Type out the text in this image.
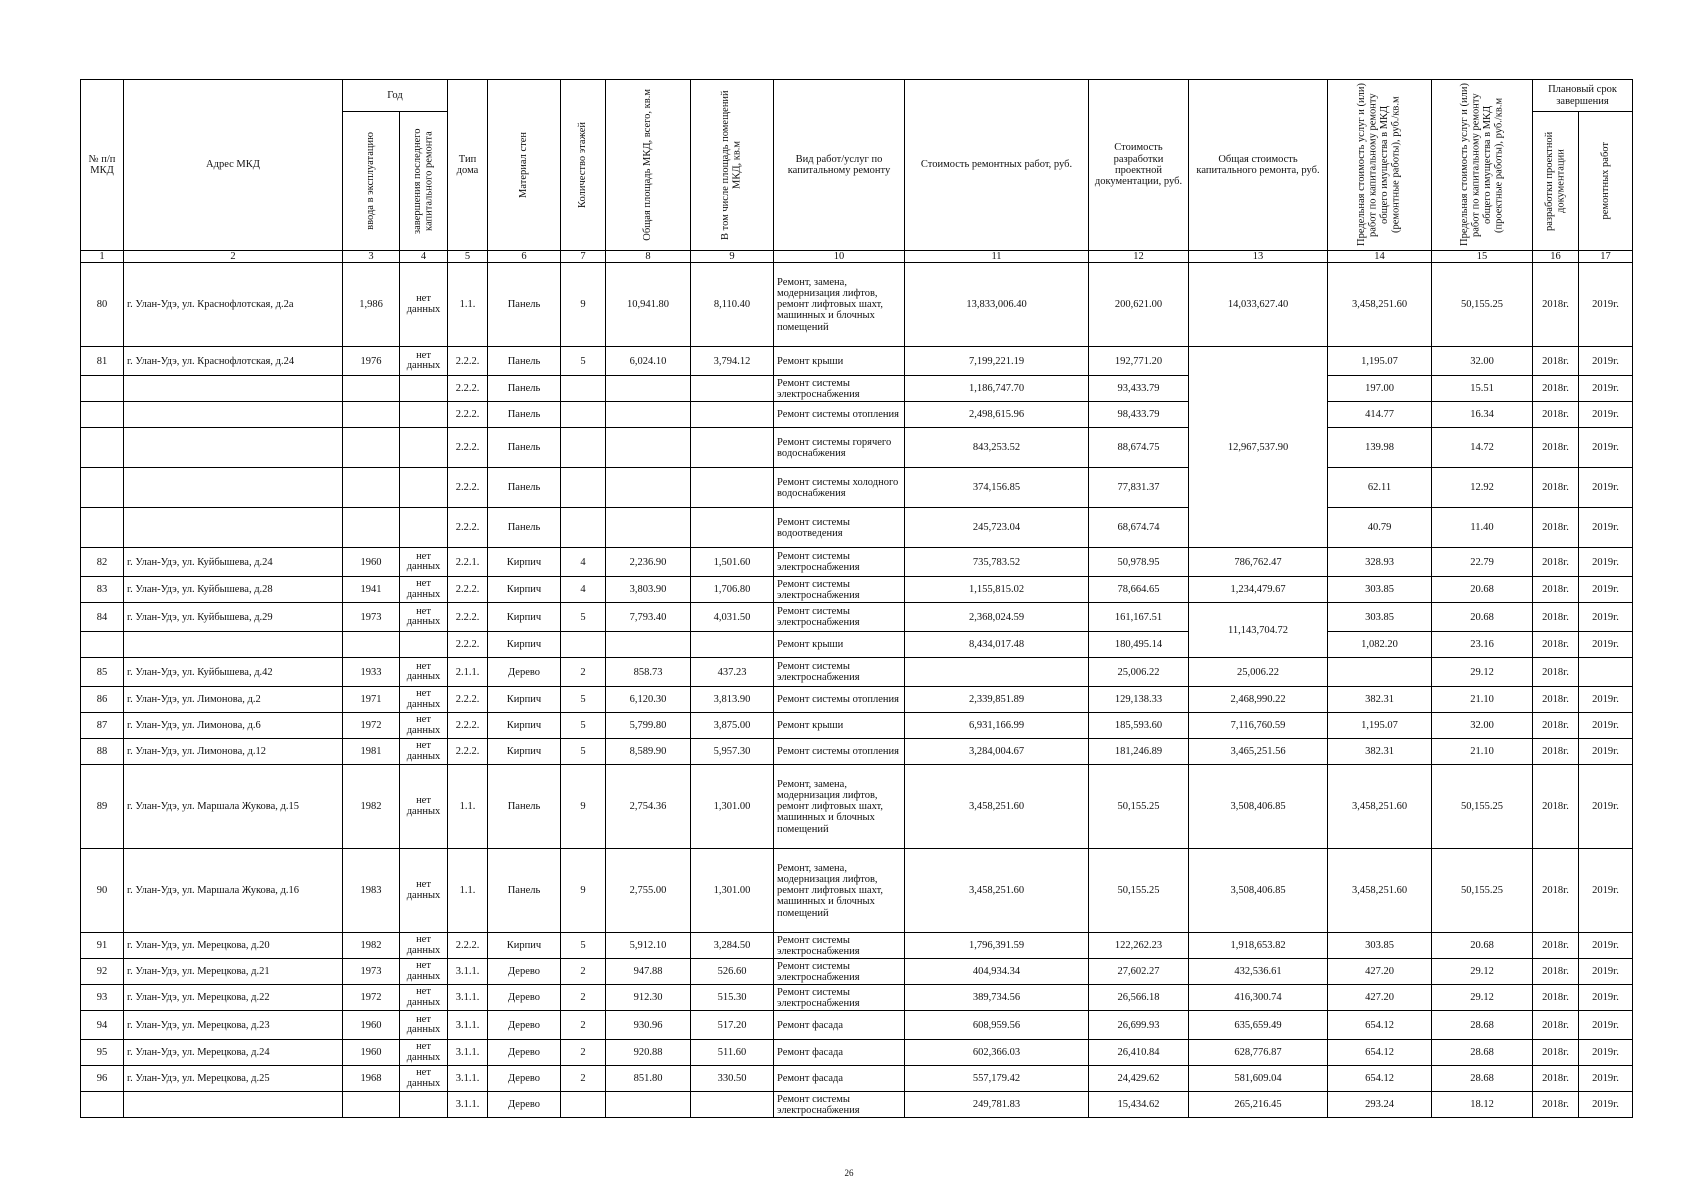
№ п/п МКД	Адрес МКД	Год		Тип дома	Материал стен	Количество этажей	Общая площадь МКД, всего, кв.м	В том числе площадь помещений МКД, кв.м	Вид работ/услуг по капитальному ремонту	Стоимость ремонтных работ, руб.	Стоимость разработки проектной документации, руб.	Общая стоимость капитального ремонта, руб.	Предельная стоимость услуг и (или) работ по капитальному ремонту общего имущества в МКД (ремонтные работы), руб./кв.м	Предельная стоимость услуг и (или) работ по капитальному ремонту общего имущества в МКД (проектные работы), руб./кв.м	Плановый срок завершения	

		ввода в эксплуатацию	завершения последнего капитального ремонта												разработки проектной документации	ремонтных работ

1	2	3	4	5	6	7	8	9	10	11	12	13	14	15	16	17
80	г. Улан-Удэ, ул. Краснофлотская, д.2а	1,986	нет данных	1.1.	Панель	9	10,941.80	8,110.40	Ремонт, замена, модернизация лифтов, ремонт лифтовых шахт, машинных и блочных помещений	13,833,006.40	200,621.00	14,033,627.40	3,458,251.60	50,155.25	2018г.	2019г.
81	г. Улан-Удэ, ул. Краснофлотская, д.24	1976	нет данных	2.2.2.	Панель	5	6,024.10	3,794.12	Ремонт крыши	7,199,221.19	192,771.20	12,967,537.90	1,195.07	32.00	2018г.	2019г.
				2.2.2.	Панель				Ремонт системы электроснабжения	1,186,747.70	93,433.79		197.00	15.51	2018г.	2019г.
				2.2.2.	Панель				Ремонт системы отопления	2,498,615.96	98,433.79		414.77	16.34	2018г.	2019г.
				2.2.2.	Панель				Ремонт системы горячего водоснабжения	843,253.52	88,674.75		139.98	14.72	2018г.	2019г.
				2.2.2.	Панель				Ремонт системы холодного водоснабжения	374,156.85	77,831.37		62.11	12.92	2018г.	2019г.
				2.2.2.	Панель				Ремонт системы водоотведения	245,723.04	68,674.74		40.79	11.40	2018г.	2019г.
82	г. Улан-Удэ, ул. Куйбышева, д.24	1960	нет данных	2.2.1.	Кирпич	4	2,236.90	1,501.60	Ремонт системы электроснабжения	735,783.52	50,978.95	786,762.47	328.93	22.79	2018г.	2019г.
83	г. Улан-Удэ, ул. Куйбышева, д.28	1941	нет данных	2.2.2.	Кирпич	4	3,803.90	1,706.80	Ремонт системы электроснабжения	1,155,815.02	78,664.65	1,234,479.67	303.85	20.68	2018г.	2019г.
84	г. Улан-Удэ, ул. Куйбышева, д.29	1973	нет данных	2.2.2.	Кирпич	5	7,793.40	4,031.50	Ремонт системы электроснабжения	2,368,024.59	161,167.51	11,143,704.72	303.85	20.68	2018г.	2019г.
				2.2.2.	Кирпич				Ремонт крыши	8,434,017.48	180,495.14		1,082.20	23.16	2018г.	2019г.
85	г. Улан-Удэ, ул. Куйбышева, д.42	1933	нет данных	2.1.1.	Дерево	2	858.73	437.23	Ремонт системы электроснабжения		25,006.22	25,006.22		29.12	2018г.	
86	г. Улан-Удэ, ул. Лимонова, д.2	1971	нет данных	2.2.2.	Кирпич	5	6,120.30	3,813.90	Ремонт системы отопления	2,339,851.89	129,138.33	2,468,990.22	382.31	21.10	2018г.	2019г.
87	г. Улан-Удэ, ул. Лимонова, д.6	1972	нет данных	2.2.2.	Кирпич	5	5,799.80	3,875.00	Ремонт крыши	6,931,166.99	185,593.60	7,116,760.59	1,195.07	32.00	2018г.	2019г.
88	г. Улан-Удэ, ул. Лимонова, д.12	1981	нет данных	2.2.2.	Кирпич	5	8,589.90	5,957.30	Ремонт системы отопления	3,284,004.67	181,246.89	3,465,251.56	382.31	21.10	2018г.	2019г.
89	г. Улан-Удэ, ул. Маршала Жукова, д.15	1982	нет данных	1.1.	Панель	9	2,754.36	1,301.00	Ремонт, замена, модернизация лифтов, ремонт лифтовых шахт, машинных и блочных помещений	3,458,251.60	50,155.25	3,508,406.85	3,458,251.60	50,155.25	2018г.	2019г.
90	г. Улан-Удэ, ул. Маршала Жукова, д.16	1983	нет данных	1.1.	Панель	9	2,755.00	1,301.00	Ремонт, замена, модернизация лифтов, ремонт лифтовых шахт, машинных и блочных помещений	3,458,251.60	50,155.25	3,508,406.85	3,458,251.60	50,155.25	2018г.	2019г.
91	г. Улан-Удэ, ул. Мерецкова, д.20	1982	нет данных	2.2.2.	Кирпич	5	5,912.10	3,284.50	Ремонт системы электроснабжения	1,796,391.59	122,262.23	1,918,653.82	303.85	20.68	2018г.	2019г.
92	г. Улан-Удэ, ул. Мерецкова, д.21	1973	нет данных	3.1.1.	Дерево	2	947.88	526.60	Ремонт системы электроснабжения	404,934.34	27,602.27	432,536.61	427.20	29.12	2018г.	2019г.
93	г. Улан-Удэ, ул. Мерецкова, д.22	1972	нет данных	3.1.1.	Дерево	2	912.30	515.30	Ремонт системы электроснабжения	389,734.56	26,566.18	416,300.74	427.20	29.12	2018г.	2019г.
94	г. Улан-Удэ, ул. Мерецкова, д.23	1960	нет данных	3.1.1.	Дерево	2	930.96	517.20	Ремонт фасада	608,959.56	26,699.93	635,659.49	654.12	28.68	2018г.	2019г.
95	г. Улан-Удэ, ул. Мерецкова, д.24	1960	нет данных	3.1.1.	Дерево	2	920.88	511.60	Ремонт фасада	602,366.03	26,410.84	628,776.87	654.12	28.68	2018г.	2019г.
96	г. Улан-Удэ, ул. Мерецкова, д.25	1968	нет данных	3.1.1.	Дерево	2	851.80	330.50	Ремонт фасада	557,179.42	24,429.62	581,609.04	654.12	28.68	2018г.	2019г.
				3.1.1.	Дерево				Ремонт системы электроснабжения	249,781.83	15,434.62	265,216.45	293.24	18.12	2018г.	2019г.
26
